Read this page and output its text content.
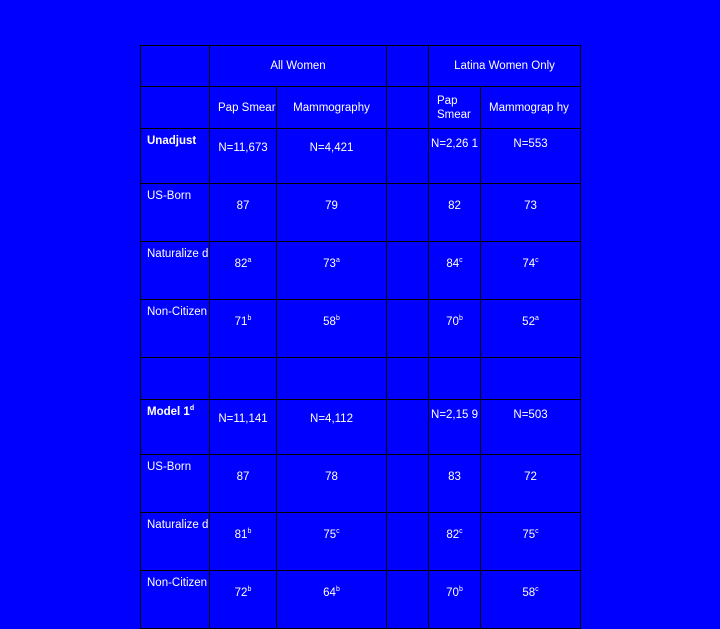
	All Women			Latina Women Only	
	Pap Smear	Mammography		Pap Smear	Mammograp hy
Unadjust	N=11,673	N=4,421		N=2,26 1	N=553
US-Born	87	79		82	73
Naturalize d	82$^a$	73$^a$		84$^c$	74$^c$
Non-Citizen	71$^b$	58$^b$		70$^b$	52$^a$

Model 1$^d$	N=11,141	N=4,112		N=2,15 9	N=503
US-Born	87	78		83	72
Naturalize d	81$^b$	75$^c$		82$^c$	75$^c$
Non-Citizen	72$^b$	64$^b$		70$^b$	58$^c$
